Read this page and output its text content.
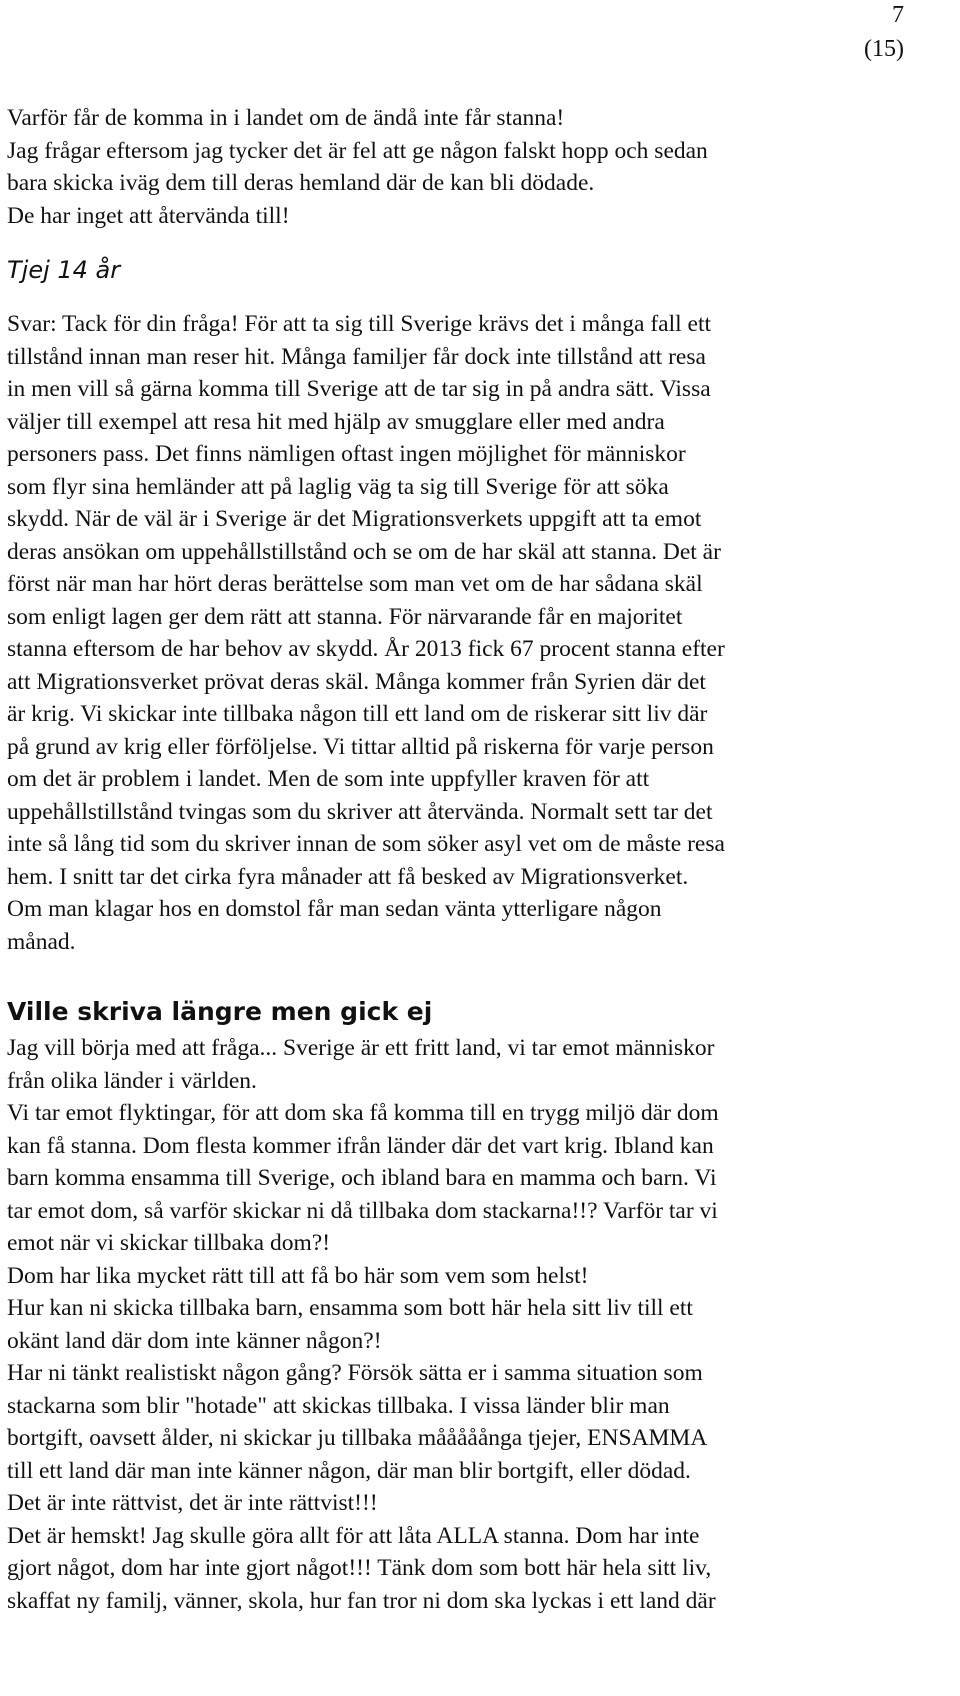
7
(15)
Varför får de komma in i landet om de ändå inte får stanna!
Jag frågar eftersom jag tycker det är fel att ge någon falskt hopp och sedan
bara skicka iväg dem till deras hemland där de kan bli dödade.
De har inget att återvända till!
Tjej 14 år
Svar: Tack för din fråga! För att ta sig till Sverige krävs det i många fall ett
tillstånd innan man reser hit. Många familjer får dock inte tillstånd att resa
in men vill så gärna komma till Sverige att de tar sig in på andra sätt. Vissa
väljer till exempel att resa hit med hjälp av smugglare eller med andra
personers pass. Det finns nämligen oftast ingen möjlighet för människor
som flyr sina hemländer att på laglig väg ta sig till Sverige för att söka
skydd. När de väl är i Sverige är det Migrationsverkets uppgift att ta emot
deras ansökan om uppehållstillstånd och se om de har skäl att stanna. Det är
först när man har hört deras berättelse som man vet om de har sådana skäl
som enligt lagen ger dem rätt att stanna. För närvarande får en majoritet
stanna eftersom de har behov av skydd. År 2013 fick 67 procent stanna efter
att Migrationsverket prövat deras skäl. Många kommer från Syrien där det
är krig. Vi skickar inte tillbaka någon till ett land om de riskerar sitt liv där
på grund av krig eller förföljelse. Vi tittar alltid på riskerna för varje person
om det är problem i landet. Men de som inte uppfyller kraven för att
uppehållstillstånd tvingas som du skriver att återvända. Normalt sett tar det
inte så lång tid som du skriver innan de som söker asyl vet om de måste resa
hem. I snitt tar det cirka fyra månader att få besked av Migrationsverket.
Om man klagar hos en domstol får man sedan vänta ytterligare någon
månad.
Ville skriva längre men gick ej
Jag vill börja med att fråga... Sverige är ett fritt land, vi tar emot människor
från olika länder i världen.
Vi tar emot flyktingar, för att dom ska få komma till en trygg miljö där dom
kan få stanna. Dom flesta kommer ifrån länder där det vart krig. Ibland kan
barn komma ensamma till Sverige, och ibland bara en mamma och barn. Vi
tar emot dom, så varför skickar ni då tillbaka dom stackarna!!? Varför tar vi
emot när vi skickar tillbaka dom?!
Dom har lika mycket rätt till att få bo här som vem som helst!
Hur kan ni skicka tillbaka barn, ensamma som bott här hela sitt liv till ett
okänt land där dom inte känner någon?!
Har ni tänkt realistiskt någon gång? Försök sätta er i samma situation som
stackarna som blir "hotade" att skickas tillbaka. I vissa länder blir man
bortgift, oavsett ålder, ni skickar ju tillbaka mååååånga tjejer, ENSAMMA
till ett land där man inte känner någon, där man blir bortgift, eller dödad.
Det är inte rättvist, det är inte rättvist!!!
Det är hemskt! Jag skulle göra allt för att låta ALLA stanna. Dom har inte
gjort något, dom har inte gjort något!!! Tänk dom som bott här hela sitt liv,
skaffat ny familj, vänner, skola, hur fan tror ni dom ska lyckas i ett land där
